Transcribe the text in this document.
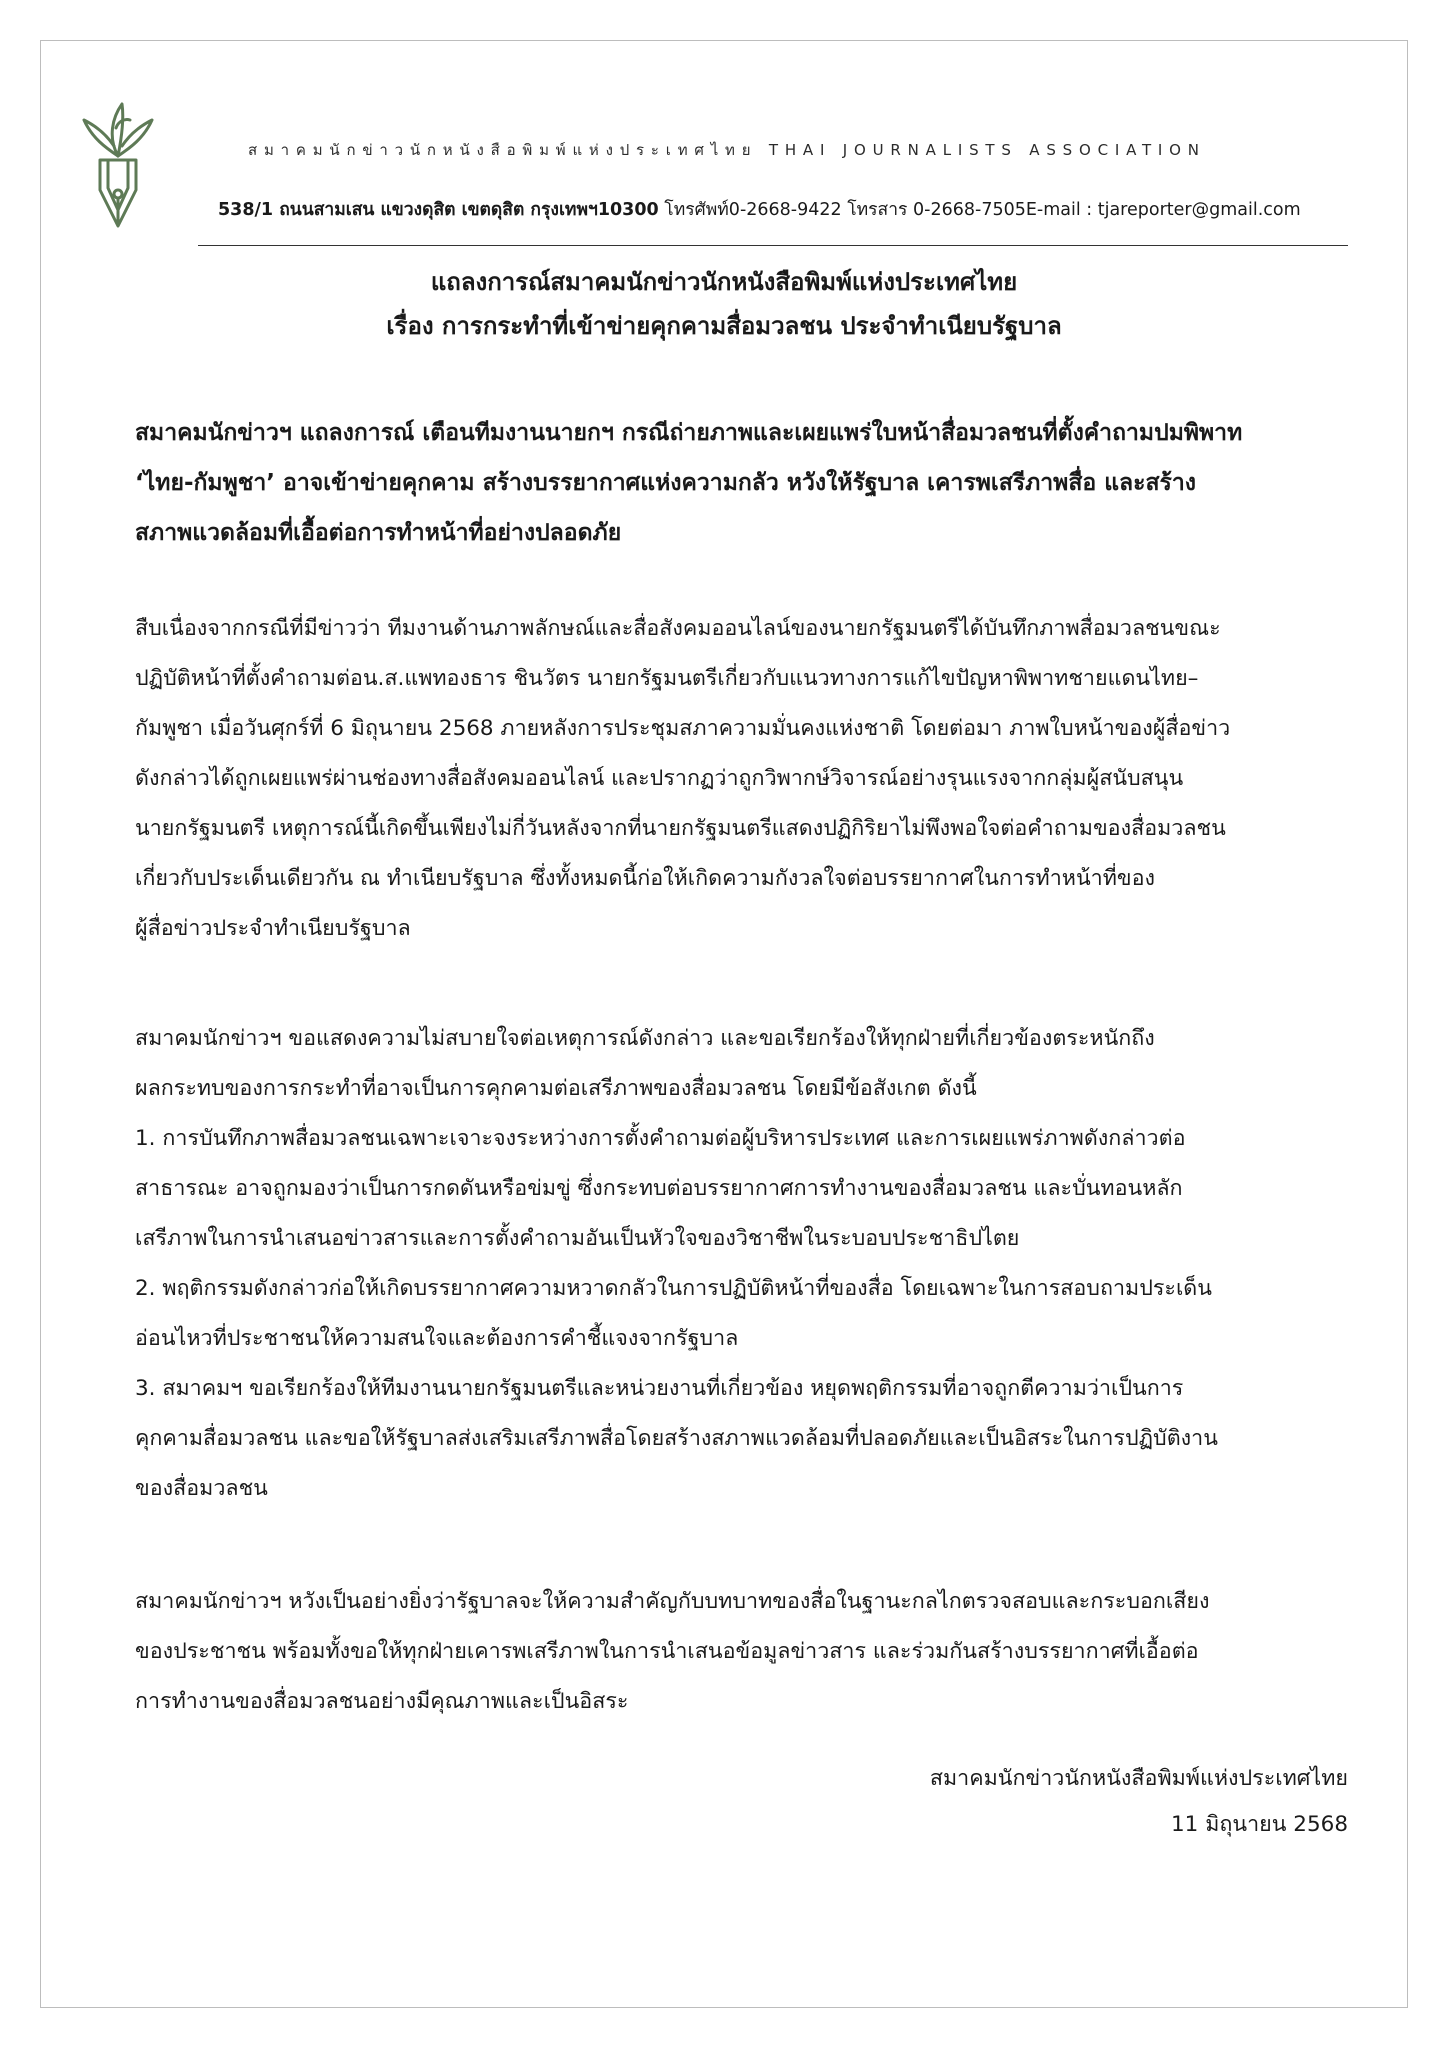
สมาคมนักข่าวนักหนังสือพิมพ์แห่งประเทศไทย THAI JOURNALISTS ASSOCIATION
538/1 ถนนสามเสน แขวงดุสิต เขตดุสิต กรุงเทพฯ10300 โทรศัพท์0-2668-9422 โทรสาร 0-2668-7505E-mail : tjareporter@gmail.com
แถลงการณ์สมาคมนักข่าวนักหนังสือพิมพ์แห่งประเทศไทย
เรื่อง การกระทำที่เข้าข่ายคุกคามสื่อมวลชน ประจำทำเนียบรัฐบาล
สมาคมนักข่าวฯ แถลงการณ์ เตือนทีมงานนายกฯ กรณีถ่ายภาพและเผยแพร่ใบหน้าสื่อมวลชนที่ตั้งคำถามปมพิพาท
‘ไทย-กัมพูชา’ อาจเข้าข่ายคุกคาม สร้างบรรยากาศแห่งความกลัว หวังให้รัฐบาล เคารพเสรีภาพสื่อ และสร้าง
สภาพแวดล้อมที่เอื้อต่อการทำหน้าที่อย่างปลอดภัย
สืบเนื่องจากกรณีที่มีข่าวว่า ทีมงานด้านภาพลักษณ์และสื่อสังคมออนไลน์ของนายกรัฐมนตรีได้บันทึกภาพสื่อมวลชนขณะ
ปฏิบัติหน้าที่ตั้งคำถามต่อน.ส.แพทองธาร ชินวัตร นายกรัฐมนตรีเกี่ยวกับแนวทางการแก้ไขปัญหาพิพาทชายแดนไทย–
กัมพูชา เมื่อวันศุกร์ที่ 6 มิถุนายน 2568 ภายหลังการประชุมสภาความมั่นคงแห่งชาติ โดยต่อมา ภาพใบหน้าของผู้สื่อข่าว
ดังกล่าวได้ถูกเผยแพร่ผ่านช่องทางสื่อสังคมออนไลน์ และปรากฏว่าถูกวิพากษ์วิจารณ์อย่างรุนแรงจากกลุ่มผู้สนับสนุน
นายกรัฐมนตรี เหตุการณ์นี้เกิดขึ้นเพียงไม่กี่วันหลังจากที่นายกรัฐมนตรีแสดงปฏิกิริยาไม่พึงพอใจต่อคำถามของสื่อมวลชน
เกี่ยวกับประเด็นเดียวกัน ณ ทำเนียบรัฐบาล ซึ่งทั้งหมดนี้ก่อให้เกิดความกังวลใจต่อบรรยากาศในการทำหน้าที่ของ
ผู้สื่อข่าวประจำทำเนียบรัฐบาล
สมาคมนักข่าวฯ ขอแสดงความไม่สบายใจต่อเหตุการณ์ดังกล่าว และขอเรียกร้องให้ทุกฝ่ายที่เกี่ยวข้องตระหนักถึง
ผลกระทบของการกระทำที่อาจเป็นการคุกคามต่อเสรีภาพของสื่อมวลชน โดยมีข้อสังเกต ดังนี้
1. การบันทึกภาพสื่อมวลชนเฉพาะเจาะจงระหว่างการตั้งคำถามต่อผู้บริหารประเทศ และการเผยแพร่ภาพดังกล่าวต่อ
สาธารณะ อาจถูกมองว่าเป็นการกดดันหรือข่มขู่ ซึ่งกระทบต่อบรรยากาศการทำงานของสื่อมวลชน และบั่นทอนหลัก
เสรีภาพในการนำเสนอข่าวสารและการตั้งคำถามอันเป็นหัวใจของวิชาชีพในระบอบประชาธิปไตย
2. พฤติกรรมดังกล่าวก่อให้เกิดบรรยากาศความหวาดกลัวในการปฏิบัติหน้าที่ของสื่อ โดยเฉพาะในการสอบถามประเด็น
อ่อนไหวที่ประชาชนให้ความสนใจและต้องการคำชี้แจงจากรัฐบาล
3. สมาคมฯ ขอเรียกร้องให้ทีมงานนายกรัฐมนตรีและหน่วยงานที่เกี่ยวข้อง หยุดพฤติกรรมที่อาจถูกตีความว่าเป็นการ
คุกคามสื่อมวลชน และขอให้รัฐบาลส่งเสริมเสรีภาพสื่อโดยสร้างสภาพแวดล้อมที่ปลอดภัยและเป็นอิสระในการปฏิบัติงาน
ของสื่อมวลชน
สมาคมนักข่าวฯ หวังเป็นอย่างยิ่งว่ารัฐบาลจะให้ความสำคัญกับบทบาทของสื่อในฐานะกลไกตรวจสอบและกระบอกเสียง
ของประชาชน พร้อมทั้งขอให้ทุกฝ่ายเคารพเสรีภาพในการนำเสนอข้อมูลข่าวสาร และร่วมกันสร้างบรรยากาศที่เอื้อต่อ
การทำงานของสื่อมวลชนอย่างมีคุณภาพและเป็นอิสระ
สมาคมนักข่าวนักหนังสือพิมพ์แห่งประเทศไทย
11 มิถุนายน 2568
